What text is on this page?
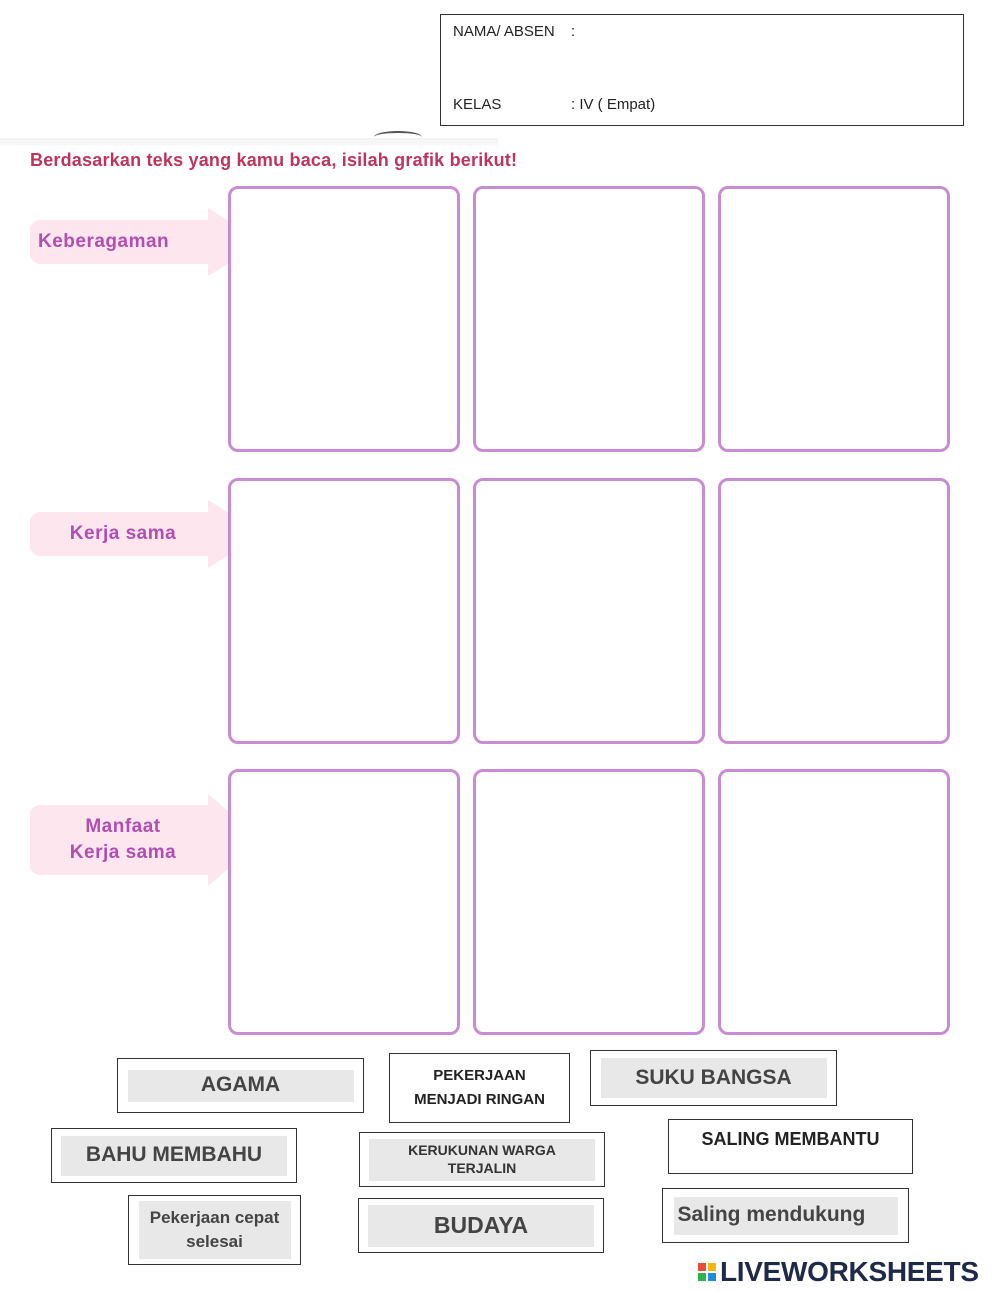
NAMA/ ABSEN :
KELAS	: IV ( Empat)
Berdasarkan teks yang kamu baca, isilah grafik berikut!
Keberagaman
Kerja sama
Manfaat
Kerja sama
AGAMA	PEKERJAAN
MENJADI RINGAN
SUKU BANGSA
BAHU MEMBAHU	KERUKUNAN WARGA
TERJALIN
SALING MEMBANTU
Pekerjaan cepat
selesai
BUDAYA	Saling mendukung
LIVEWORKSHEETS
